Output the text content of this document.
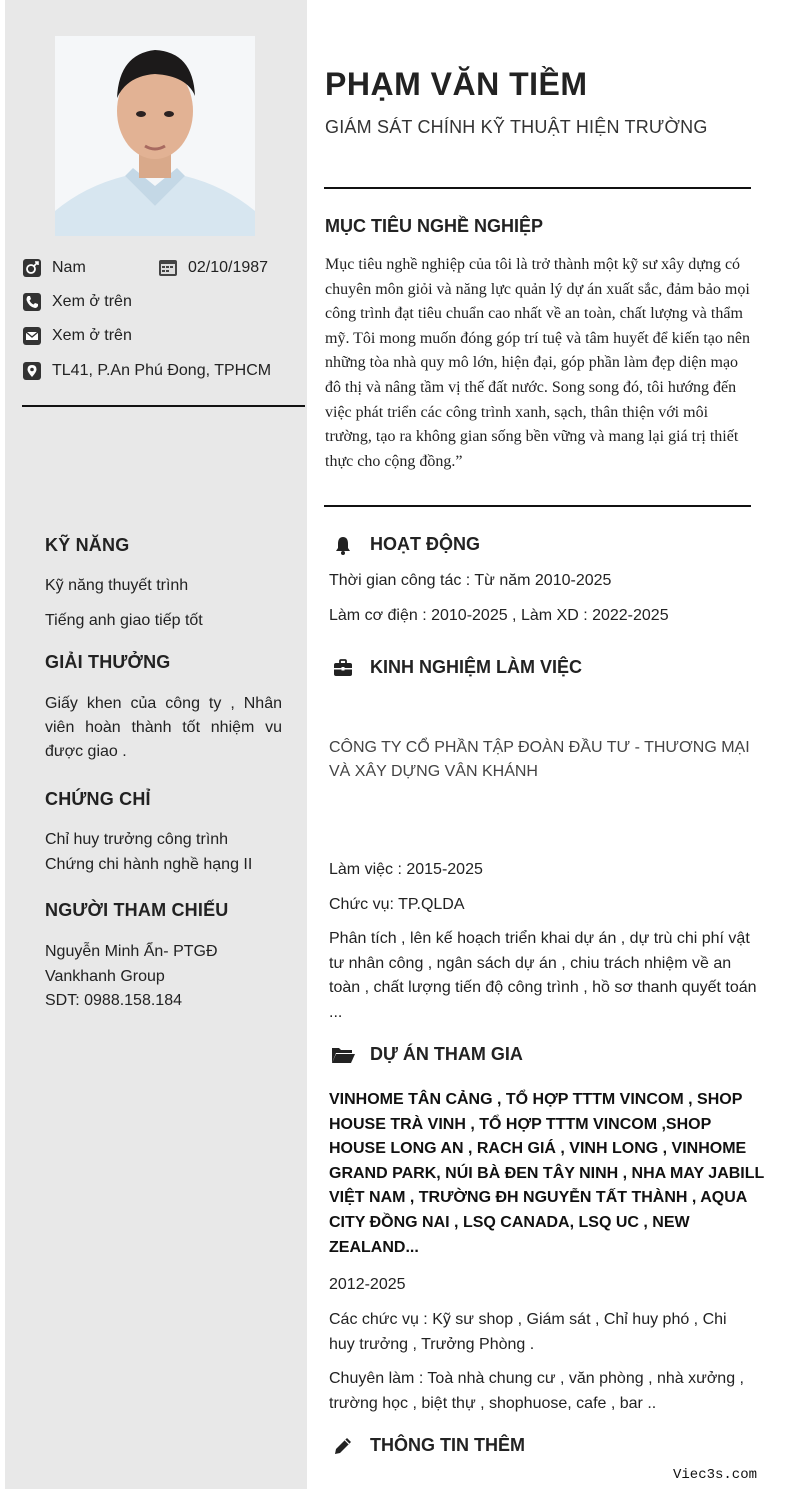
Nam	02/10/1987
Xem ở trên
Xem ở trên
TL41, P.An Phú Đong, TPHCM
KỸ NĂNG
Kỹ năng thuyết trình
Tiếng anh giao tiếp tốt
GIẢI THƯỞNG
Giấy khen của công ty , Nhân viên hoàn thành tốt nhiệm vu được giao .
CHỨNG CHỈ
Chỉ huy trưởng công trình
Chứng chi hành nghề hạng II
NGƯỜI THAM CHIẾU
Nguyễn Minh Ẩn- PTGĐ
Vankhanh Group
SDT: 0988.158.184
PHẠM VĂN TIỀM
GIÁM SÁT CHÍNH KỸ THUẬT HIỆN TRƯỜNG
MỤC TIÊU NGHỀ NGHIỆP
Mục tiêu nghề nghiệp của tôi là trở thành một kỹ sư xây dựng có chuyên môn giỏi và năng lực quản lý dự án xuất sắc, đảm bảo mọi công trình đạt tiêu chuẩn cao nhất về an toàn, chất lượng và thẩm mỹ. Tôi mong muốn đóng góp trí tuệ và tâm huyết để kiến tạo nên những tòa nhà quy mô lớn, hiện đại, góp phần làm đẹp diện mạo đô thị và nâng tầm vị thế đất nước. Song song đó, tôi hướng đến việc phát triển các công trình xanh, sạch, thân thiện với môi trường, tạo ra không gian sống bền vững và mang lại giá trị thiết thực cho cộng đồng.”
HOẠT ĐỘNG
Thời gian công tác : Từ năm 2010-2025
Làm cơ điện : 2010-2025 , Làm XD : 2022-2025
KINH NGHIỆM LÀM VIỆC
CÔNG TY CỔ PHẦN TẬP ĐOÀN ĐẦU TƯ - THƯƠNG MẠI VÀ XÂY DỰNG VÂN KHÁNH
Làm việc : 2015-2025
Chức vụ: TP.QLDA
Phân tích , lên kế hoạch triển khai dự án , dự trù chi phí vật tư nhân công , ngân sách dự án , chiu trách nhiệm về an toàn , chất lượng tiến độ công trình , hồ sơ thanh quyết toán ...
DỰ ÁN THAM GIA
VINHOME TÂN CẢNG , TỔ HỢP TTTM VINCOM , SHOP HOUSE TRÀ VINH , TỔ HỢP TTTM VINCOM ,SHOP HOUSE LONG AN , RACH GIÁ , VINH LONG , VINHOME GRAND PARK, NÚI BÀ ĐEN TÂY NINH , NHA MAY JABILL VIỆT NAM , TRƯỜNG ĐH NGUYỄN TẤT THÀNH , AQUA CITY ĐỒNG NAI , LSQ CANADA, LSQ UC , NEW ZEALAND...
2012-2025
Các chức vụ : Kỹ sư shop , Giám sát , Chỉ huy phó , Chi huy trưởng , Trưởng Phòng .
Chuyên làm : Toà nhà chung cư , văn phòng , nhà xưởng , trường học , biệt thự , shophuose, cafe , bar ..
THÔNG TIN THÊM
Viec3s.com
